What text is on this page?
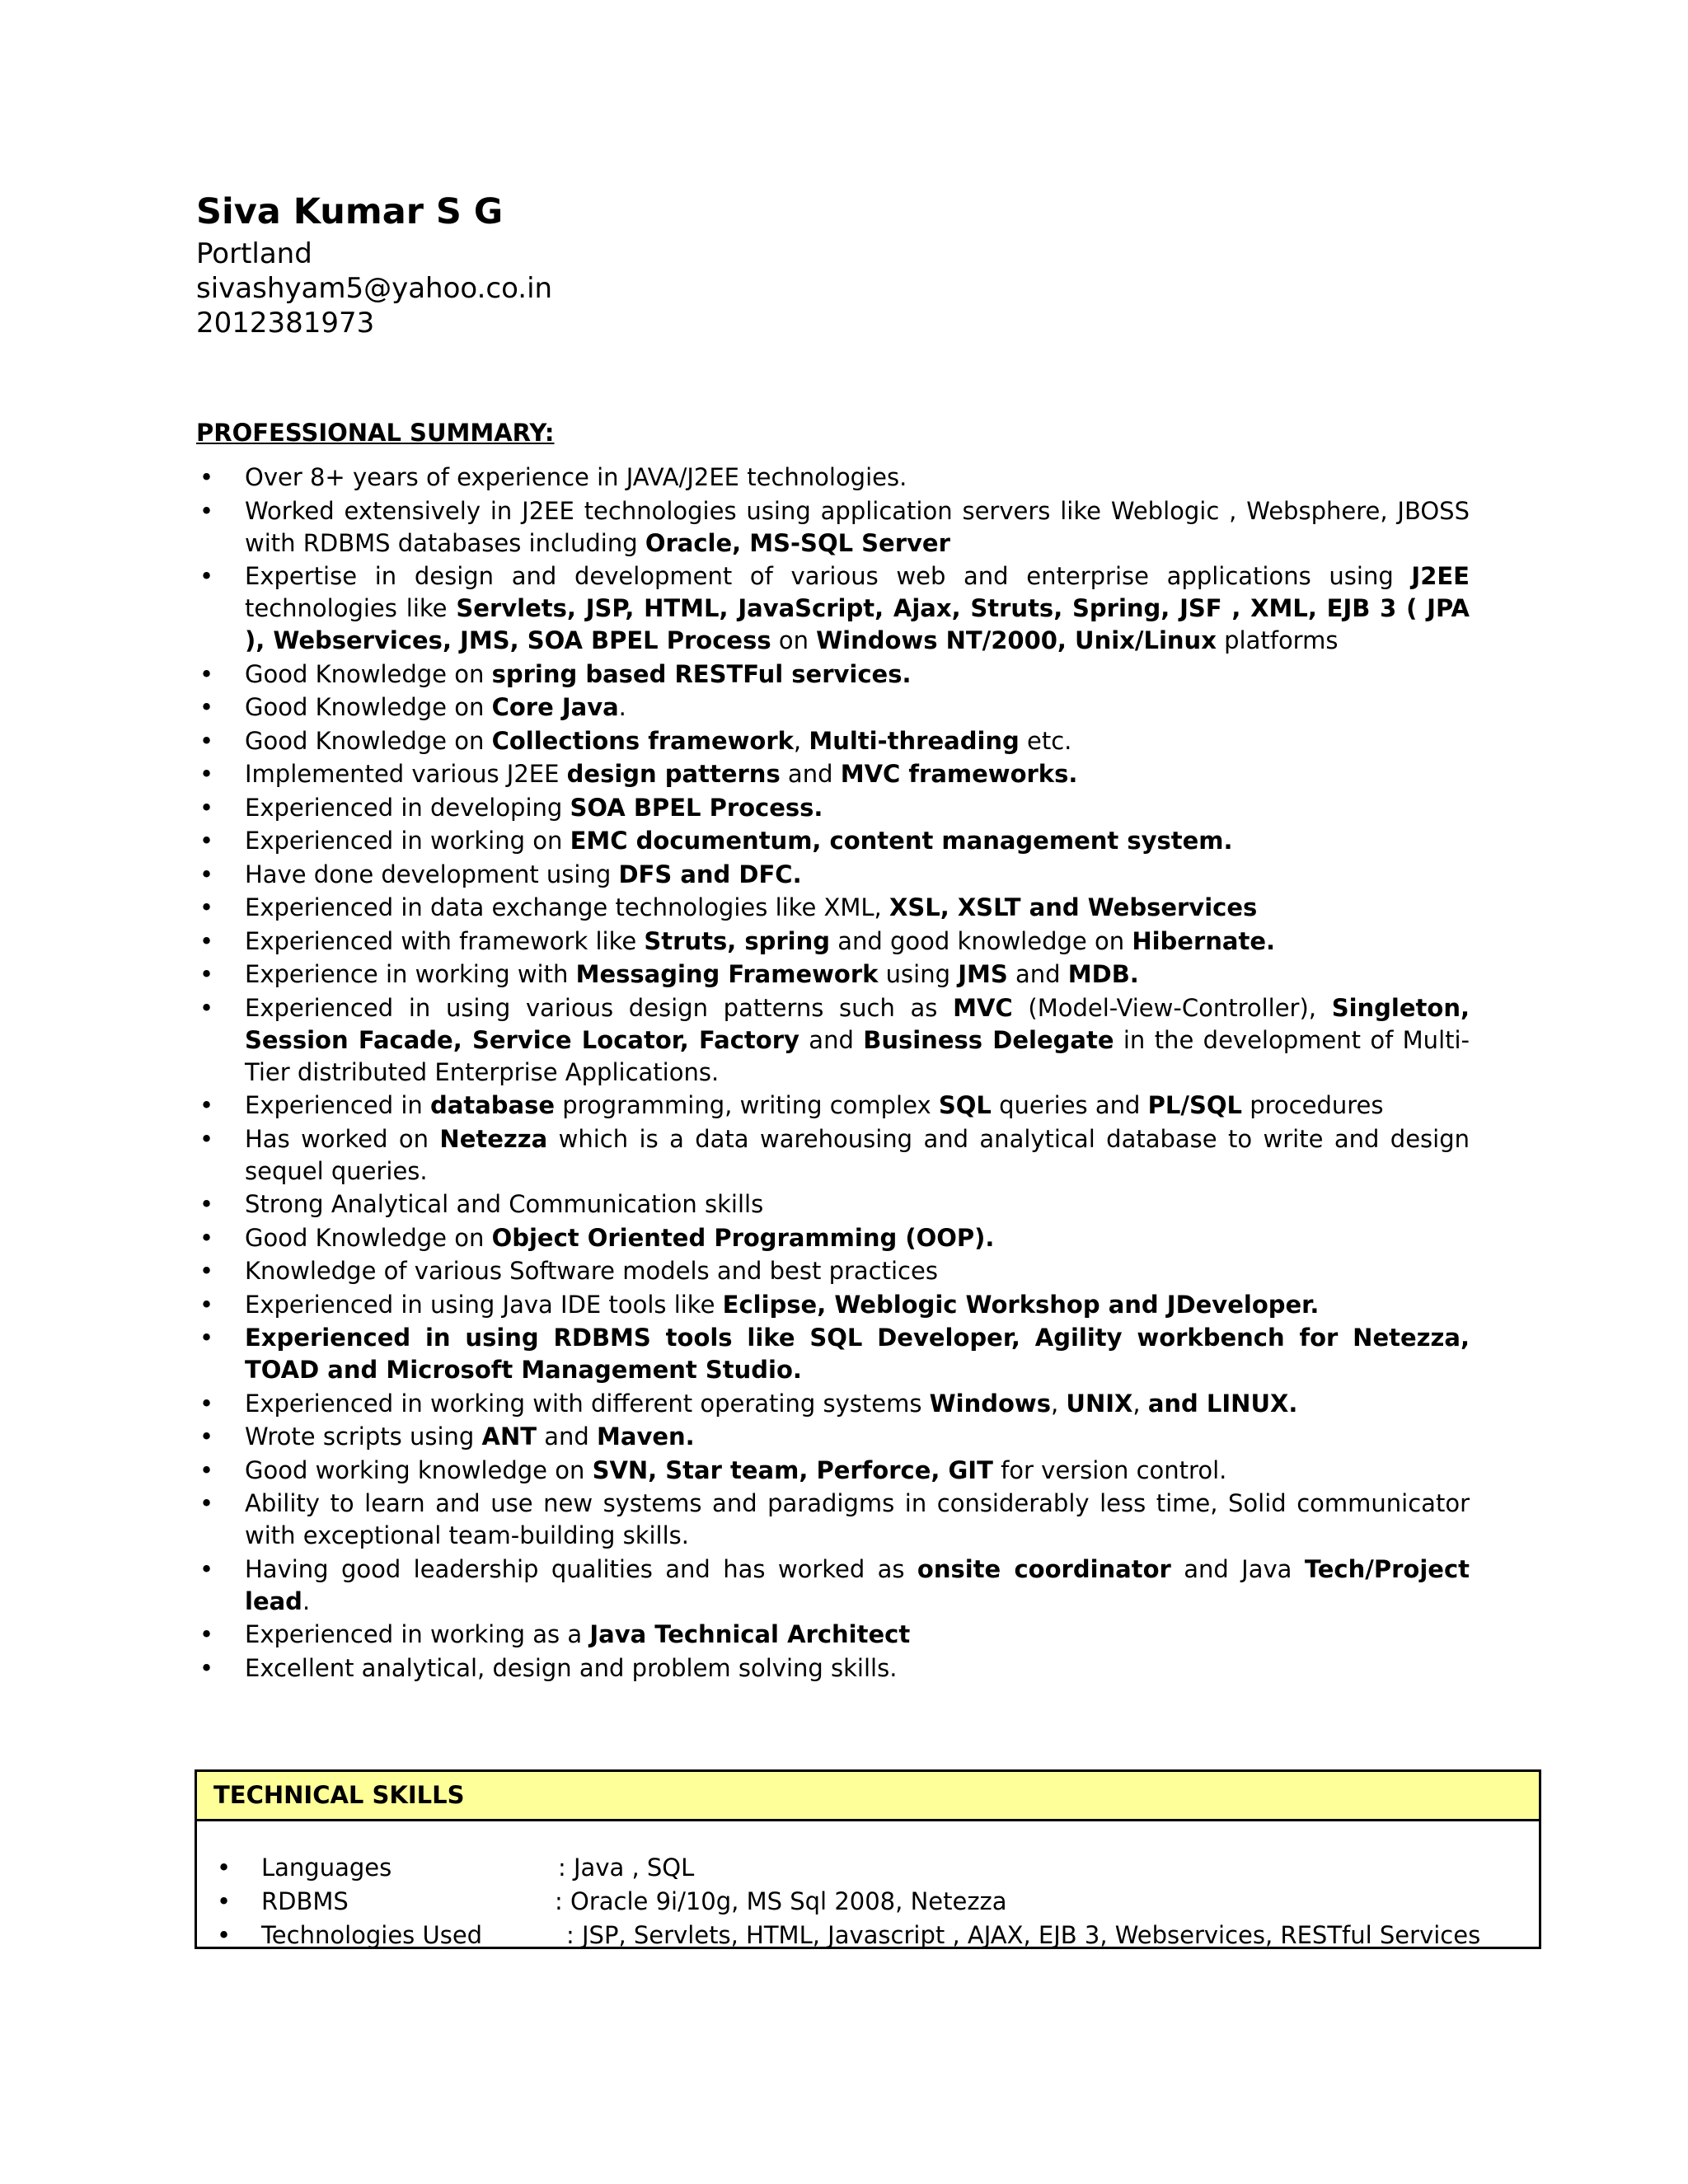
Siva Kumar S G
Portland
sivashyam5@yahoo.co.in
2012381973
PROFESSIONAL SUMMARY:
• Over 8+ years of experience in JAVA/J2EE technologies.
• Worked extensively in J2EE technologies using application servers like Weblogic , Websphere, JBOSS with RDBMS databases including Oracle, MS-SQL Server
• Expertise in design and development of various web and enterprise applications using J2EE technologies like Servlets, JSP, HTML, JavaScript, Ajax, Struts, Spring, JSF , XML, EJB 3 ( JPA ), Webservices, JMS, SOA BPEL Process on Windows NT/2000, Unix/Linux platforms
• Good Knowledge on spring based RESTFul services.
• Good Knowledge on Core Java.
• Good Knowledge on Collections framework, Multi-threading etc.
• Implemented various J2EE design patterns and MVC frameworks.
• Experienced in developing SOA BPEL Process.
• Experienced in working on EMC documentum, content management system.
• Have done development using DFS and DFC.
• Experienced in data exchange technologies like XML, XSL, XSLT and Webservices
• Experienced with framework like Struts, spring and good knowledge on Hibernate.
• Experience in working with Messaging Framework using JMS and MDB.
• Experienced in using various design patterns such as MVC (Model-View-Controller), Singleton, Session Facade, Service Locator, Factory and Business Delegate in the development of Multi-Tier distributed Enterprise Applications.
• Experienced in database programming, writing complex SQL queries and PL/SQL procedures
• Has worked on Netezza which is a data warehousing and analytical database to write and design sequel queries.
• Strong Analytical and Communication skills
• Good Knowledge on Object Oriented Programming (OOP).
• Knowledge of various Software models and best practices
• Experienced in using Java IDE tools like Eclipse, Weblogic Workshop and JDeveloper.
• Experienced in using RDBMS tools like SQL Developer, Agility workbench for Netezza, TOAD and Microsoft Management Studio.
• Experienced in working with different operating systems Windows, UNIX, and LINUX.
• Wrote scripts using ANT and Maven.
• Good working knowledge on SVN, Star team, Perforce, GIT for version control.
• Ability to learn and use new systems and paradigms in considerably less time, Solid communicator with exceptional team-building skills.
• Having good leadership qualities and has worked as onsite coordinator and Java Tech/Project lead.
• Experienced in working as a Java Technical Architect
• Excellent analytical, design and problem solving skills.
TECHNICAL SKILLS
• Languages	: Java , SQL
• RDBMS	: Oracle 9i/10g, MS Sql 2008, Netezza
• Technologies Used	: JSP, Servlets, HTML, Javascript , AJAX, EJB 3, Webservices, RESTful Services
